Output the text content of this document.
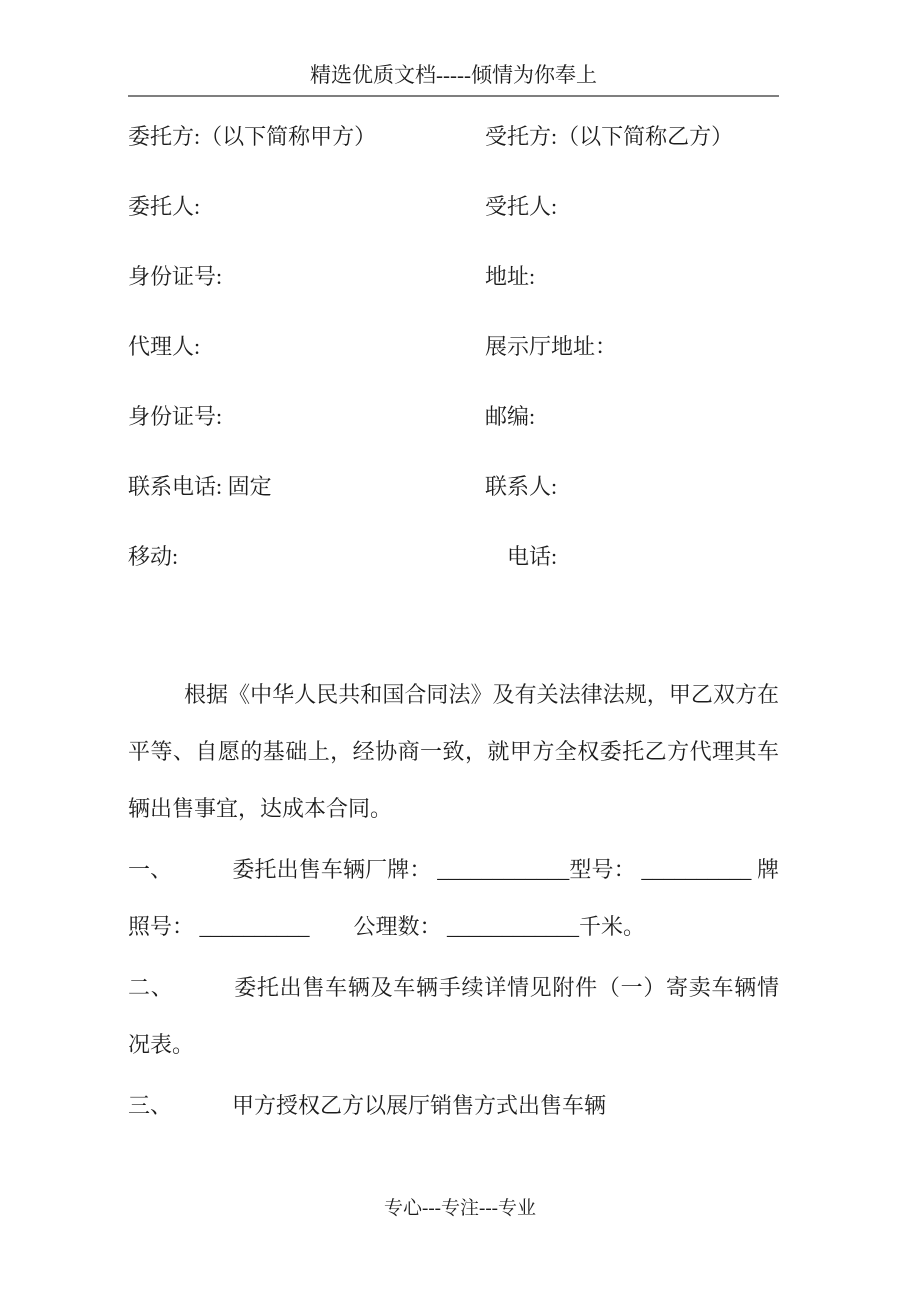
精选优质文档-----倾情为你奉上
委托方:（以下简称甲方）	受托方:（以下简称乙方）
委托人:	受托人:
身份证号:	地址:
代理人:	展示厅地址：
身份证号:	邮编:
联系电话: 固定	联系人:
移动:	电话:

根据《中华人民共和国合同法》及有关法律法规，甲乙双方在平等、自愿的基础上，经协商一致，就甲方全权委托乙方代理其车辆出售事宜，达成本合同。

一、	委托出售车辆厂牌： ____________型号： __________ 牌照号： __________　　公理数： ____________千米。

二、	委托出售车辆及车辆手续详情见附件（一）寄卖车辆情况表。

三、	甲方授权乙方以展厅销售方式出售车辆

专心---专注---专业
